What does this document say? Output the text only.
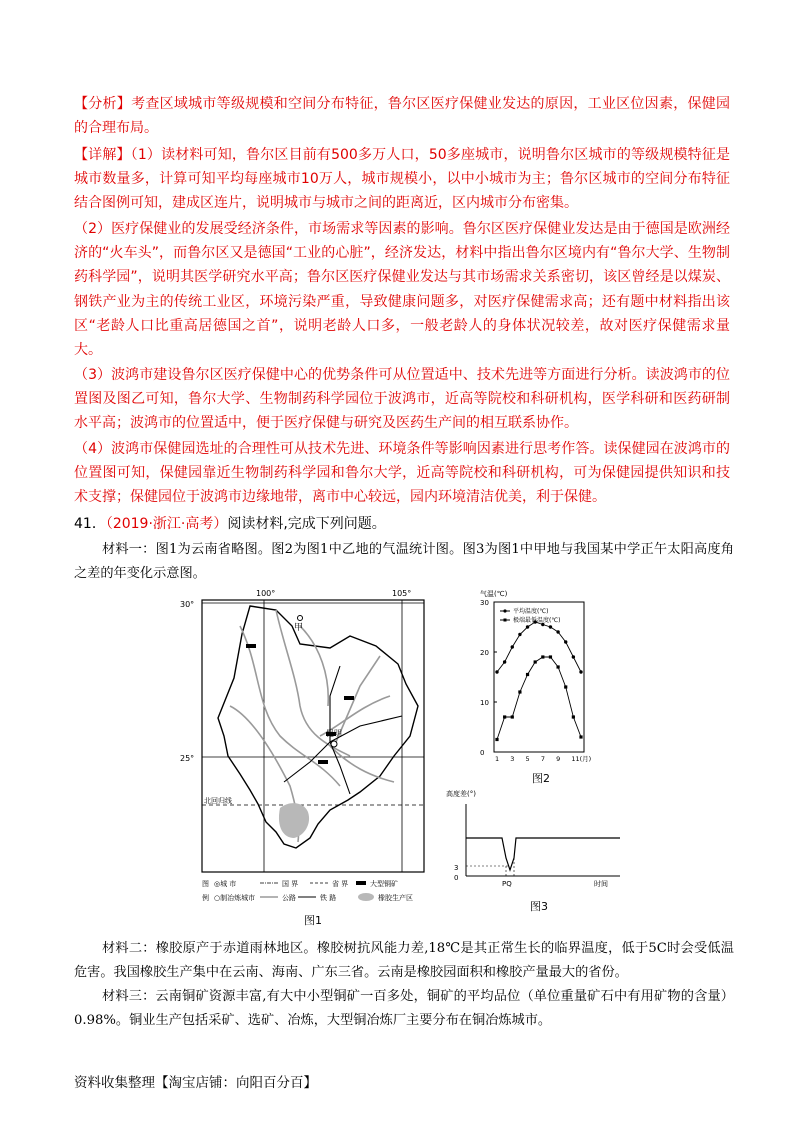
【分析】考查区域城市等级规模和空间分布特征，鲁尔区医疗保健业发达的原因，工业区位因素，保健园的合理布局。
【详解】（1）读材料可知，鲁尔区目前有500多万人口，50多座城市，说明鲁尔区城市的等级规模特征是城市数量多，计算可知平均每座城市10万人，城市规模小，以中小城市为主；鲁尔区城市的空间分布特征结合图例可知，建成区连片，说明城市与城市之间的距离近，区内城市分布密集。
（2）医疗保健业的发展受经济条件，市场需求等因素的影响。鲁尔区医疗保健业发达是由于德国是欧洲经济的“火车头”，而鲁尔区又是德国“工业的心脏”，经济发达，材料中指出鲁尔区境内有“鲁尔大学、生物制药科学园”，说明其医学研究水平高；鲁尔区医疗保健业发达与其市场需求关系密切，该区曾经是以煤炭、钢铁产业为主的传统工业区，环境污染严重，导致健康问题多，对医疗保健需求高；还有题中材料指出该区“老龄人口比重高居德国之首”，说明老龄人口多，一般老龄人的身体状况较差，故对医疗保健需求量大。
（3）波鸿市建设鲁尔区医疗保健中心的优势条件可从位置适中、技术先进等方面进行分析。读波鸿市的位置图及图乙可知，鲁尔大学、生物制药科学园位于波鸿市，近高等院校和科研机构，医学科研和医药研制水平高；波鸿市的位置适中，便于医疗保健与研究及医药生产间的相互联系协作。
（4）波鸿市保健园选址的合理性可从技术先进、环境条件等影响因素进行思考作答。读保健园在波鸿市的位置图可知，保健园靠近生物制药科学园和鲁尔大学，近高等院校和科研机构，可为保健园提供知识和技术支撑；保健园位于波鸿市边缘地带，离市中心较远，园内环境清洁优美，利于保健。
41．（2019·浙江·高考）阅读材料,完成下列问题。
材料一：图1为云南省略图。图2为图1中乙地的气温统计图。图3为图1中甲地与我国某中学正午太阳高度角之差的年变化示意图。
北回归线
100°	105°
30°
25°
甲
昆明
图 ◎城 市	国 界	省 界	大型铜矿
例 ○制冶炼城市	公路	铁 路	橡胶生产区
图1
气温(℃)
30
20
10
0
1 3 5 7 9 11(月)
平均温度(℃)
极端最低温度(℃)
图2
高度差(°)
3
0
PQ	时间
图3
材料二：橡胶原产于赤道雨林地区。橡胶树抗风能力差,18℃是其正常生长的临界温度，低于5C时会受低温危害。我国橡胶生产集中在云南、海南、广东三省。云南是橡胶园面积和橡胶产量最大的省份。
材料三：云南铜矿资源丰富,有大中小型铜矿一百多处，铜矿的平均品位（单位重量矿石中有用矿物的含量）0.98%。铜业生产包括采矿、选矿、冶炼，大型铜冶炼厂主要分布在铜冶炼城市。
资料收集整理【淘宝店铺：向阳百分百】
